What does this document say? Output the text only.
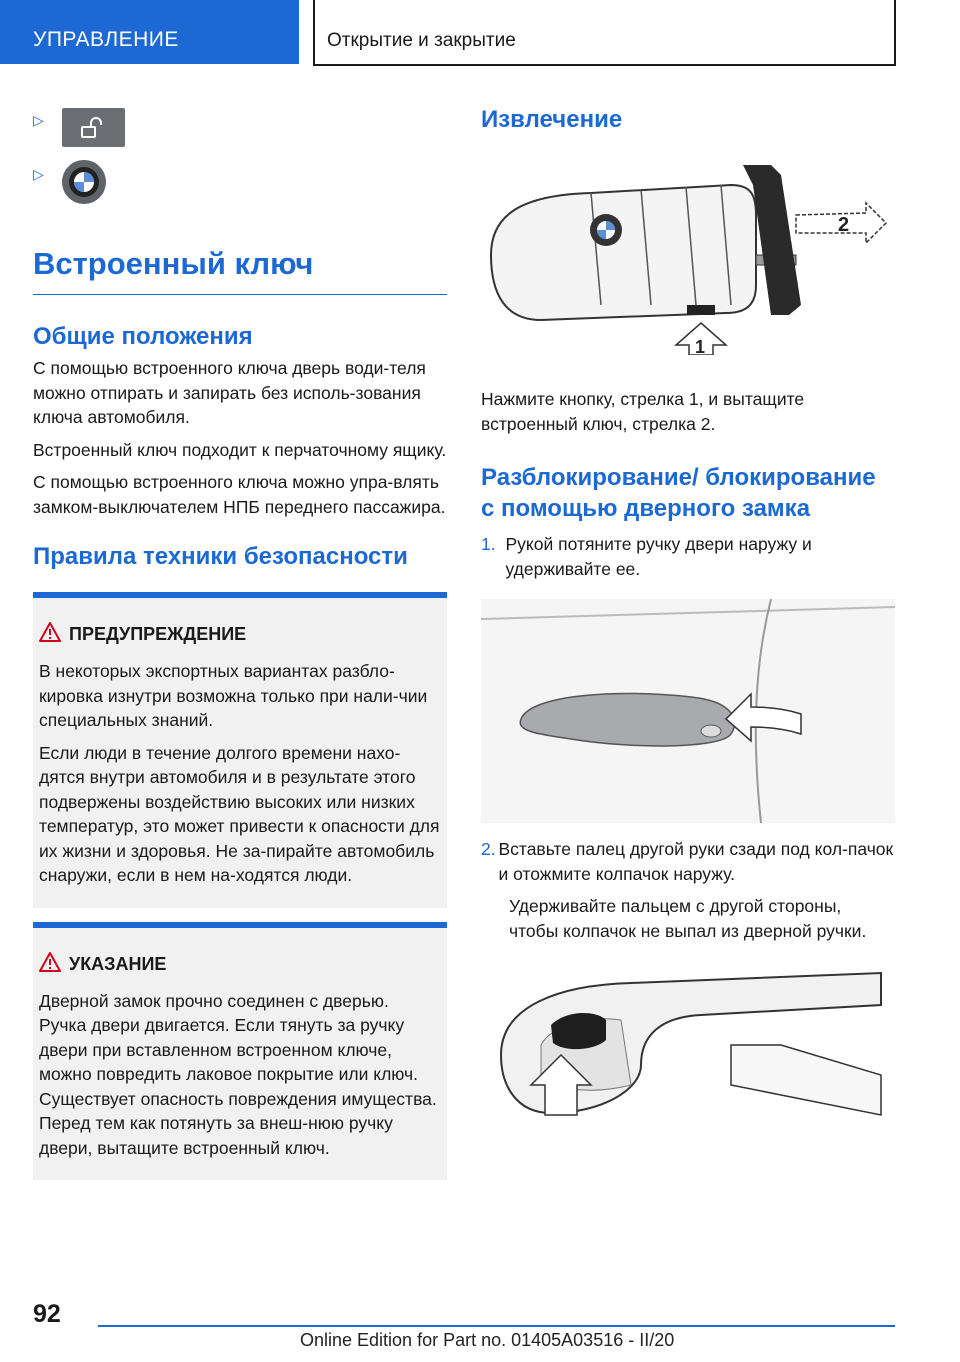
УПРАВЛЕНИЕ	Открытие и закрытие
▷
▷
Встроенный ключ
Общие положения

С помощью встроенного ключа дверь води-теля можно отпирать и запирать без исполь-зования ключа автомобиля.

Встроенный ключ подходит к перчаточному ящику.

С помощью встроенного ключа можно упра-влять замком-выключателем НПБ переднего пассажира.

Правила техники безопасности
ПРЕДУПРЕЖДЕНИЕ

В некоторых экспортных вариантах разбло-кировка изнутри возможна только при нали-чии специальных знаний.

Если люди в течение долгого времени нахо-дятся внутри автомобиля и в результате этого подвержены воздействию высоких или низких температур, это может привести к опасности для их жизни и здоровья. Не за-пирайте автомобиль снаружи, если в нем на-ходятся люди.

УКАЗАНИЕ

Дверной замок прочно соединен с дверью. Ручка двери двигается. Если тянуть за ручку двери при вставленном встроенном ключе, можно повредить лаковое покрытие или ключ. Существует опасность повреждения имущества. Перед тем как потянуть за внеш-нюю ручку двери, вытащите встроенный ключ.

Извлечение
2
1

Нажмите кнопку, стрелка 1, и вытащите встроенный ключ, стрелка 2.

Разблокирование/ блокирование с помощью дверного замка
1. Рукой потяните ручку двери наружу и удерживайте ее.
2. Вставьте палец другой руки сзади под кол-пачок и отожмите колпачок наружу.

Удерживайте пальцем с другой стороны, чтобы колпачок не выпал из дверной ручки.

92
Online Edition for Part no. 01405A03516 - II/20
